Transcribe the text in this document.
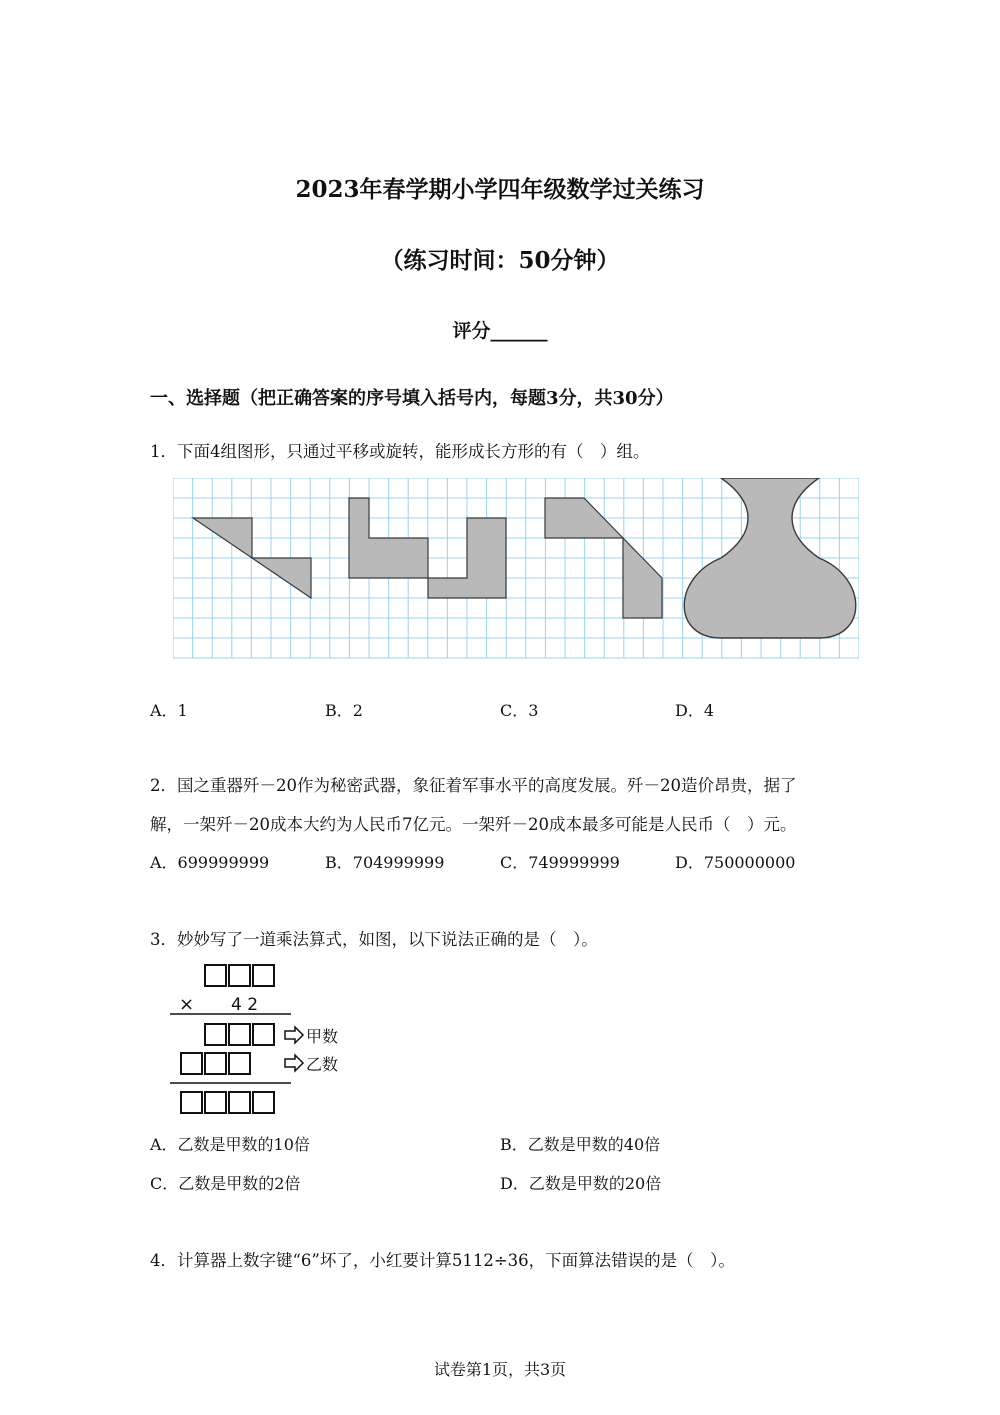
2023年春学期小学四年级数学过关练习
（练习时间：50分钟）
评分______
一、选择题（把正确答案的序号填入括号内，每题3分，共30分）
1．下面4组图形，只通过平移或旋转，能形成长方形的有（　）组。
A．1	B．2	C．3	D．4
2．国之重器歼－20作为秘密武器，象征着军事水平的高度发展。歼－20造价昂贵，据了
解，一架歼－20成本大约为人民币7亿元。一架歼－20成本最多可能是人民币（　）元。
A．699999999	B．704999999	C．749999999	D．750000000
3．妙妙写了一道乘法算式，如图，以下说法正确的是（　）。
× 4 2
甲数
乙数
A．乙数是甲数的10倍	B．乙数是甲数的40倍
C．乙数是甲数的2倍	D．乙数是甲数的20倍
4．计算器上数字键“6”坏了，小红要计算5112÷36，下面算法错误的是（　）。
试卷第1页，共3页
